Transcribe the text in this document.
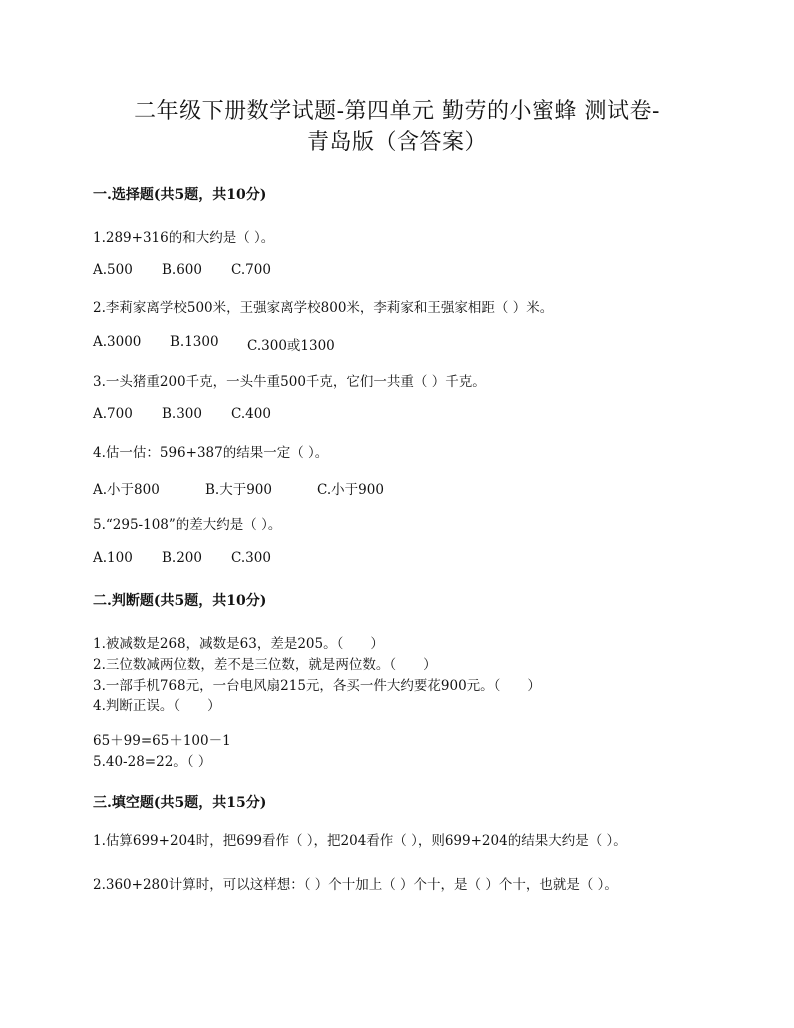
二年级下册数学试题-第四单元 勤劳的小蜜蜂 测试卷-
青岛版（含答案）
一.选择题(共5题，共10分)
1.289+316的和大约是（ ）。
A.500 B.600 C.700
2.李莉家离学校500米，王强家离学校800米，李莉家和王强家相距（ ）米。
A.3000 B.1300 C.300或1300
3.一头猪重200千克，一头牛重500千克，它们一共重（ ）千克。
A.700 B.300 C.400
4.估一估：596+387的结果一定（ ）。
A.小于800	B.大于900	C.小于900
5.“295-108”的差大约是（ ）。
A.100 B.200 C.300
二.判断题(共5题，共10分)
1.被减数是268，减数是63，差是205。（　　）
2.三位数减两位数，差不是三位数，就是两位数。（　　）
3.一部手机768元，一台电风扇215元，各买一件大约要花900元。（　　）
4.判断正误。（　　）
65＋99=65＋100－1
5.40-28=22。（ ）
三.填空题(共5题，共15分)
1.估算699+204时，把699看作（ ），把204看作（ ），则699+204的结果大约是（ ）。
2.360+280计算时，可以这样想：（ ）个十加上（ ）个十，是（ ）个十，也就是（ ）。
